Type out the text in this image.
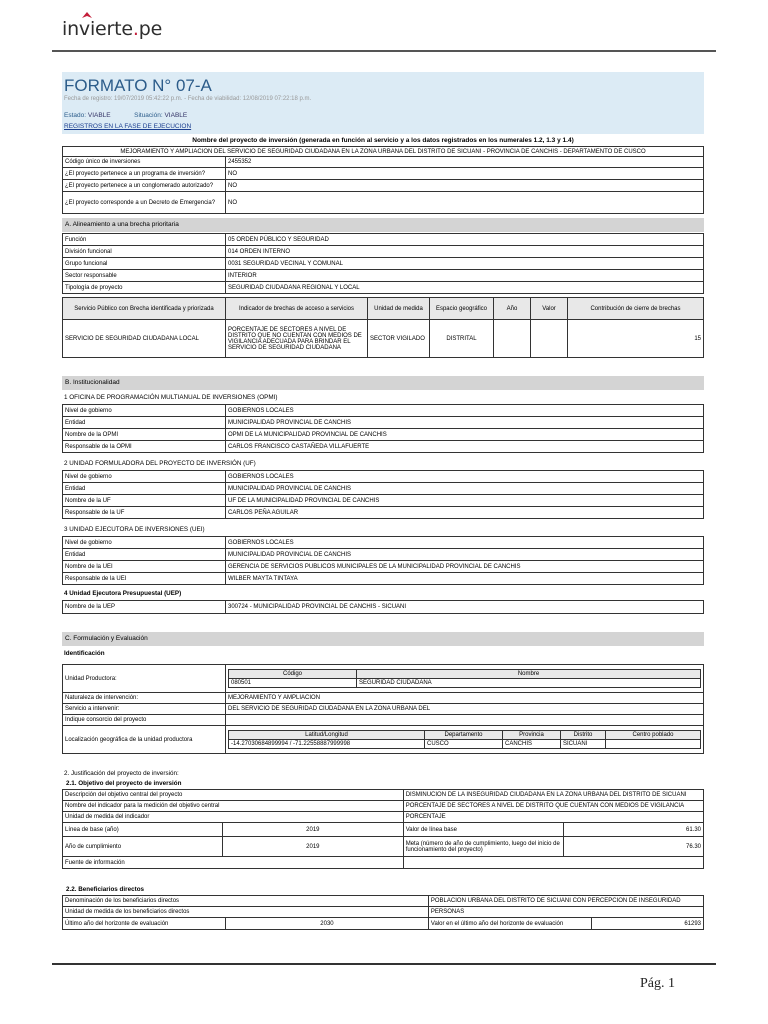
invierte.pe
FORMATO N° 07-A
Fecha de registro: 19/07/2019 05:42:22 p.m. - Fecha de viabilidad: 12/08/2019 07:22:18 p.m.
Estado: VIABLE	Situación: VIABLE
REGISTROS EN LA FASE DE EJECUCION
Nombre del proyecto de inversión (generada en función al servicio y a los datos registrados en los numerales 1.2, 1.3 y 1.4)
MEJORAMIENTO Y AMPLIACION DEL SERVICIO DE SEGURIDAD CIUDADANA EN LA ZONA URBANA DEL DISTRITO DE SICUANI - PROVINCIA DE CANCHIS - DEPARTAMENTO DE CUSCO	
Código único de inversiones	2455352
¿El proyecto pertenece a un programa de inversión?	NO
¿El proyecto pertenece a un conglomerado autorizado?	NO
¿El proyecto corresponde a un Decreto de Emergencia?	NO
A. Alineamiento a una brecha prioritaria
Función	05 ORDEN PÚBLICO Y SEGURIDAD
División funcional	014 ORDEN INTERNO
Grupo funcional	0031 SEGURIDAD VECINAL Y COMUNAL
Sector responsable	INTERIOR
Tipología de proyecto	SEGURIDAD CIUDADANA REGIONAL Y LOCAL
Servicio Público con Brecha identificada y priorizada	Indicador de brechas de acceso a servicios	Unidad de medida	Espacio geográfico	Año	Valor	Contribución de cierre de brechas
SERVICIO DE SEGURIDAD CIUDADANA LOCAL	PORCENTAJE DE SECTORES A NIVEL DE DISTRITO QUE NO CUENTAN CON MEDIOS DE VIGILANCIA ADECUADA PARA BRINDAR EL SERVICIO DE SEGURIDAD CIUDADANA	SECTOR VIGILADO	DISTRITAL			15
B. Institucionalidad
1 OFICINA DE PROGRAMACIÓN MULTIANUAL DE INVERSIONES (OPMI)
Nivel de gobierno	GOBIERNOS LOCALES
Entidad	MUNICIPALIDAD PROVINCIAL DE CANCHIS
Nombre de la OPMI	OPMI DE LA MUNICIPALIDAD PROVINCIAL DE CANCHIS
Responsable de la OPMI	CARLOS FRANCISCO CASTAÑEDA VILLAFUERTE
2 UNIDAD FORMULADORA DEL PROYECTO DE INVERSIÓN (UF)
Nivel de gobierno	GOBIERNOS LOCALES
Entidad	MUNICIPALIDAD PROVINCIAL DE CANCHIS
Nombre de la UF	UF DE LA MUNICIPALIDAD PROVINCIAL DE CANCHIS
Responsable de la UF	CARLOS PEÑA AGUILAR
3 UNIDAD EJECUTORA DE INVERSIONES (UEI)
Nivel de gobierno	GOBIERNOS LOCALES
Entidad	MUNICIPALIDAD PROVINCIAL DE CANCHIS
Nombre de la UEI	GERENCIA DE SERVICIOS PUBLICOS MUNICIPALES DE LA MUNICIPALIDAD PROVINCIAL DE CANCHIS
Responsable de la UEI	WILBER MAYTA TINTAYA
4 Unidad Ejecutora Presupuestal (UEP)
Nombre de la UEP	300724 - MUNICIPALIDAD PROVINCIAL DE CANCHIS - SICUANI
C. Formulación y Evaluación
Identificación
Unidad Productora:	
Código	Nombre
080501	SEGURIDAD CIUDADANA

Naturaleza de intervención:	MEJORAMIENTO Y AMPLIACION
Servicio a intervenir:	DEL SERVICIO DE SEGURIDAD CIUDADANA EN LA ZONA URBANA DEL
Indique consorcio del proyecto	
Localización geográfica de la unidad productora	
Latitud/Longitud	Departamento	Provincia	Distrito	Centro poblado
-14.27030684899994 / -71.22558887999998	CUSCO	CANCHIS	SICUANI	
2. Justificación del proyecto de inversión:
2.1. Objetivo del proyecto de inversión
Descripción del objetivo central del proyecto		DISMINUCION DE LA INSEGURIDAD CIUDADANA EN LA ZONA URBANA DEL DISTRITO DE SICUANI	
Nombre del indicador para la medición del objetivo central		PORCENTAJE DE SECTORES A NIVEL DE DISTRITO QUE CUENTAN CON MEDIOS DE VIGILANCIA	
Unidad de medida del indicador		PORCENTAJE	
Línea de base (año)	2019	Valor de línea base	61.30
Año de cumplimiento	2019	Meta (número de año de cumplimiento, luego del inicio de funcionamiento del proyecto)	76.30
Fuente de información			
2.2. Beneficiarios directos
Denominación de los beneficiarios directos		POBLACION URBANA DEL DISTRITO DE SICUANI CON PERCEPCION DE INSEGURIDAD	
Unidad de medida de los beneficiarios directos		PERSONAS	
Último año del horizonte de evaluación	2030	Valor en el último año del horizonte de evaluación	61293
Pág. 1
